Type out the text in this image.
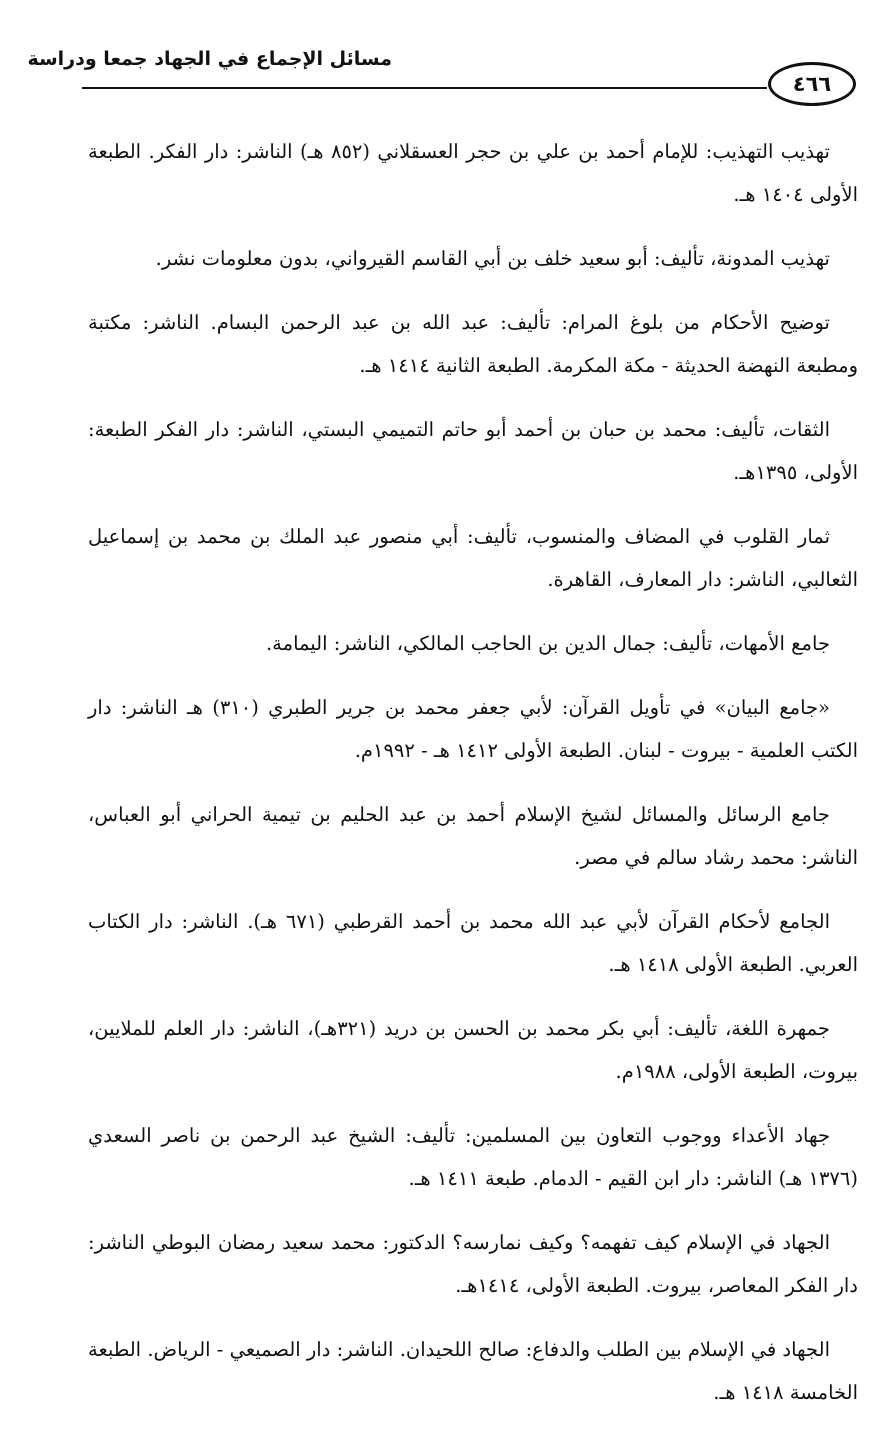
مسائل الإجماع في الجهاد جمعا ودراسة
٤٦٦

تهذيب التهذيب: للإمام أحمد بن علي بن حجر العسقلاني (٨٥٢ هـ) الناشر: دار الفكر. الطبعة الأولى ١٤٠٤ هـ.

تهذيب المدونة، تأليف: أبو سعيد خلف بن أبي القاسم القيرواني، بدون معلومات نشر.

توضيح الأحكام من بلوغ المرام: تأليف: عبد الله بن عبد الرحمن البسام. الناشر: مكتبة ومطبعة النهضة الحديثة - مكة المكرمة. الطبعة الثانية ١٤١٤ هـ.

الثقات، تأليف: محمد بن حبان بن أحمد أبو حاتم التميمي البستي، الناشر: دار الفكر الطبعة: الأولى، ١٣٩٥هـ.

ثمار القلوب في المضاف والمنسوب، تأليف: أبي منصور عبد الملك بن محمد بن إسماعيل الثعالبي، الناشر: دار المعارف، القاهرة.

جامع الأمهات، تأليف: جمال الدين بن الحاجب المالكي، الناشر: اليمامة.

«جامع البيان» في تأويل القرآن: لأبي جعفر محمد بن جرير الطبري (٣١٠) هـ الناشر: دار الكتب العلمية - بيروت - لبنان. الطبعة الأولى ١٤١٢ هـ - ١٩٩٢م.

جامع الرسائل والمسائل لشيخ الإسلام أحمد بن عبد الحليم بن تيمية الحراني أبو العباس، الناشر: محمد رشاد سالم في مصر.

الجامع لأحكام القرآن لأبي عبد الله محمد بن أحمد القرطبي (٦٧١ هـ). الناشر: دار الكتاب العربي. الطبعة الأولى ١٤١٨ هـ.

جمهرة اللغة، تأليف: أبي بكر محمد بن الحسن بن دريد (٣٢١هـ)، الناشر: دار العلم للملايين، بيروت، الطبعة الأولى، ١٩٨٨م.

جهاد الأعداء ووجوب التعاون بين المسلمين: تأليف: الشيخ عبد الرحمن بن ناصر السعدي (١٣٧٦ هـ) الناشر: دار ابن القيم - الدمام. طبعة ١٤١١ هـ.

الجهاد في الإسلام كيف تفهمه؟ وكيف نمارسه؟ الدكتور: محمد سعيد رمضان البوطي الناشر: دار الفكر المعاصر، بيروت. الطبعة الأولى، ١٤١٤هـ.

الجهاد في الإسلام بين الطلب والدفاع: صالح اللحيدان. الناشر: دار الصميعي - الرياض. الطبعة الخامسة ١٤١٨ هـ.
